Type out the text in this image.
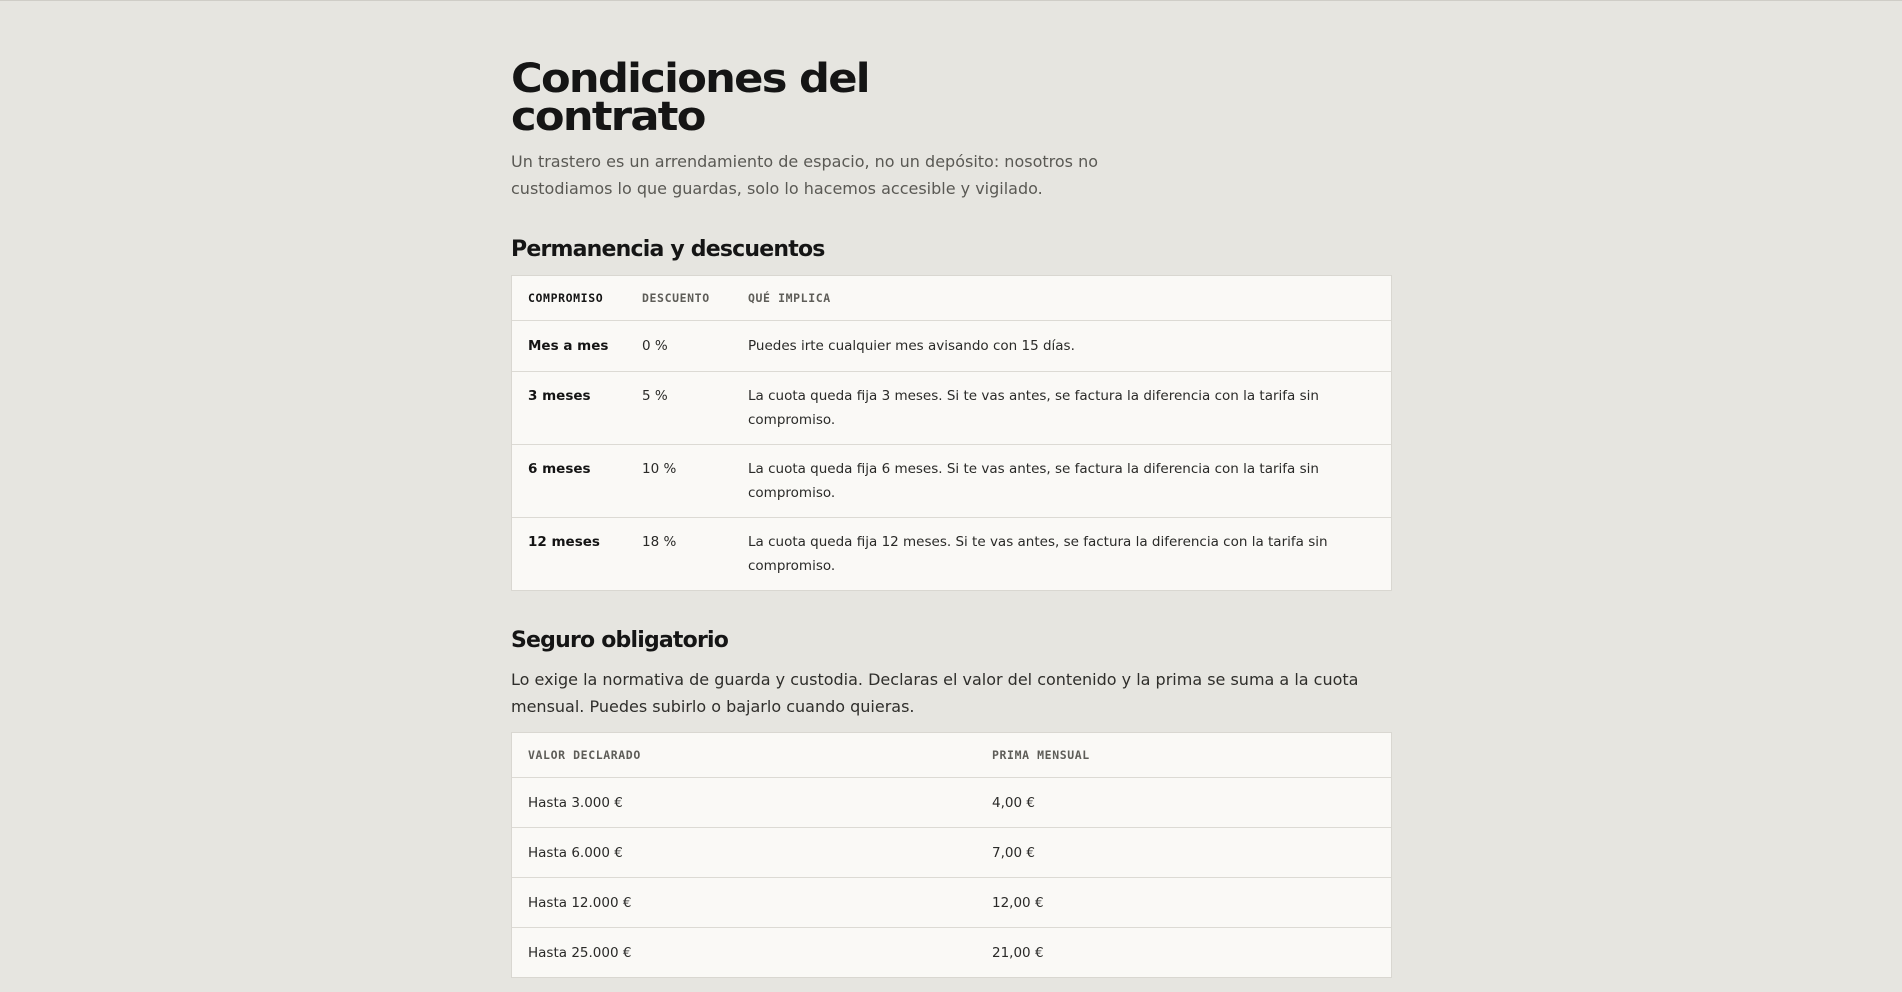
Condiciones del contrato

Un trastero es un arrendamiento de espacio, no un depósito: nosotros no custodiamos lo que guardas, solo lo hacemos accesible y vigilado.

Permanencia y descuentos
COMPROMISO	DESCUENTO	QUÉ IMPLICA
Mes a mes	0 %	Puedes irte cualquier mes avisando con 15 días.
3 meses	5 %	La cuota queda fija 3 meses. Si te vas antes, se factura la diferencia con la tarifa sin compromiso.
6 meses	10 %	La cuota queda fija 6 meses. Si te vas antes, se factura la diferencia con la tarifa sin compromiso.
12 meses	18 %	La cuota queda fija 12 meses. Si te vas antes, se factura la diferencia con la tarifa sin compromiso.
Seguro obligatorio

Lo exige la normativa de guarda y custodia. Declaras el valor del contenido y la prima se suma a la cuota mensual. Puedes subirlo o bajarlo cuando quieras.

VALOR DECLARADO	PRIMA MENSUAL
Hasta 3.000 €	4,00 €
Hasta 6.000 €	7,00 €
Hasta 12.000 €	12,00 €
Hasta 25.000 €	21,00 €
